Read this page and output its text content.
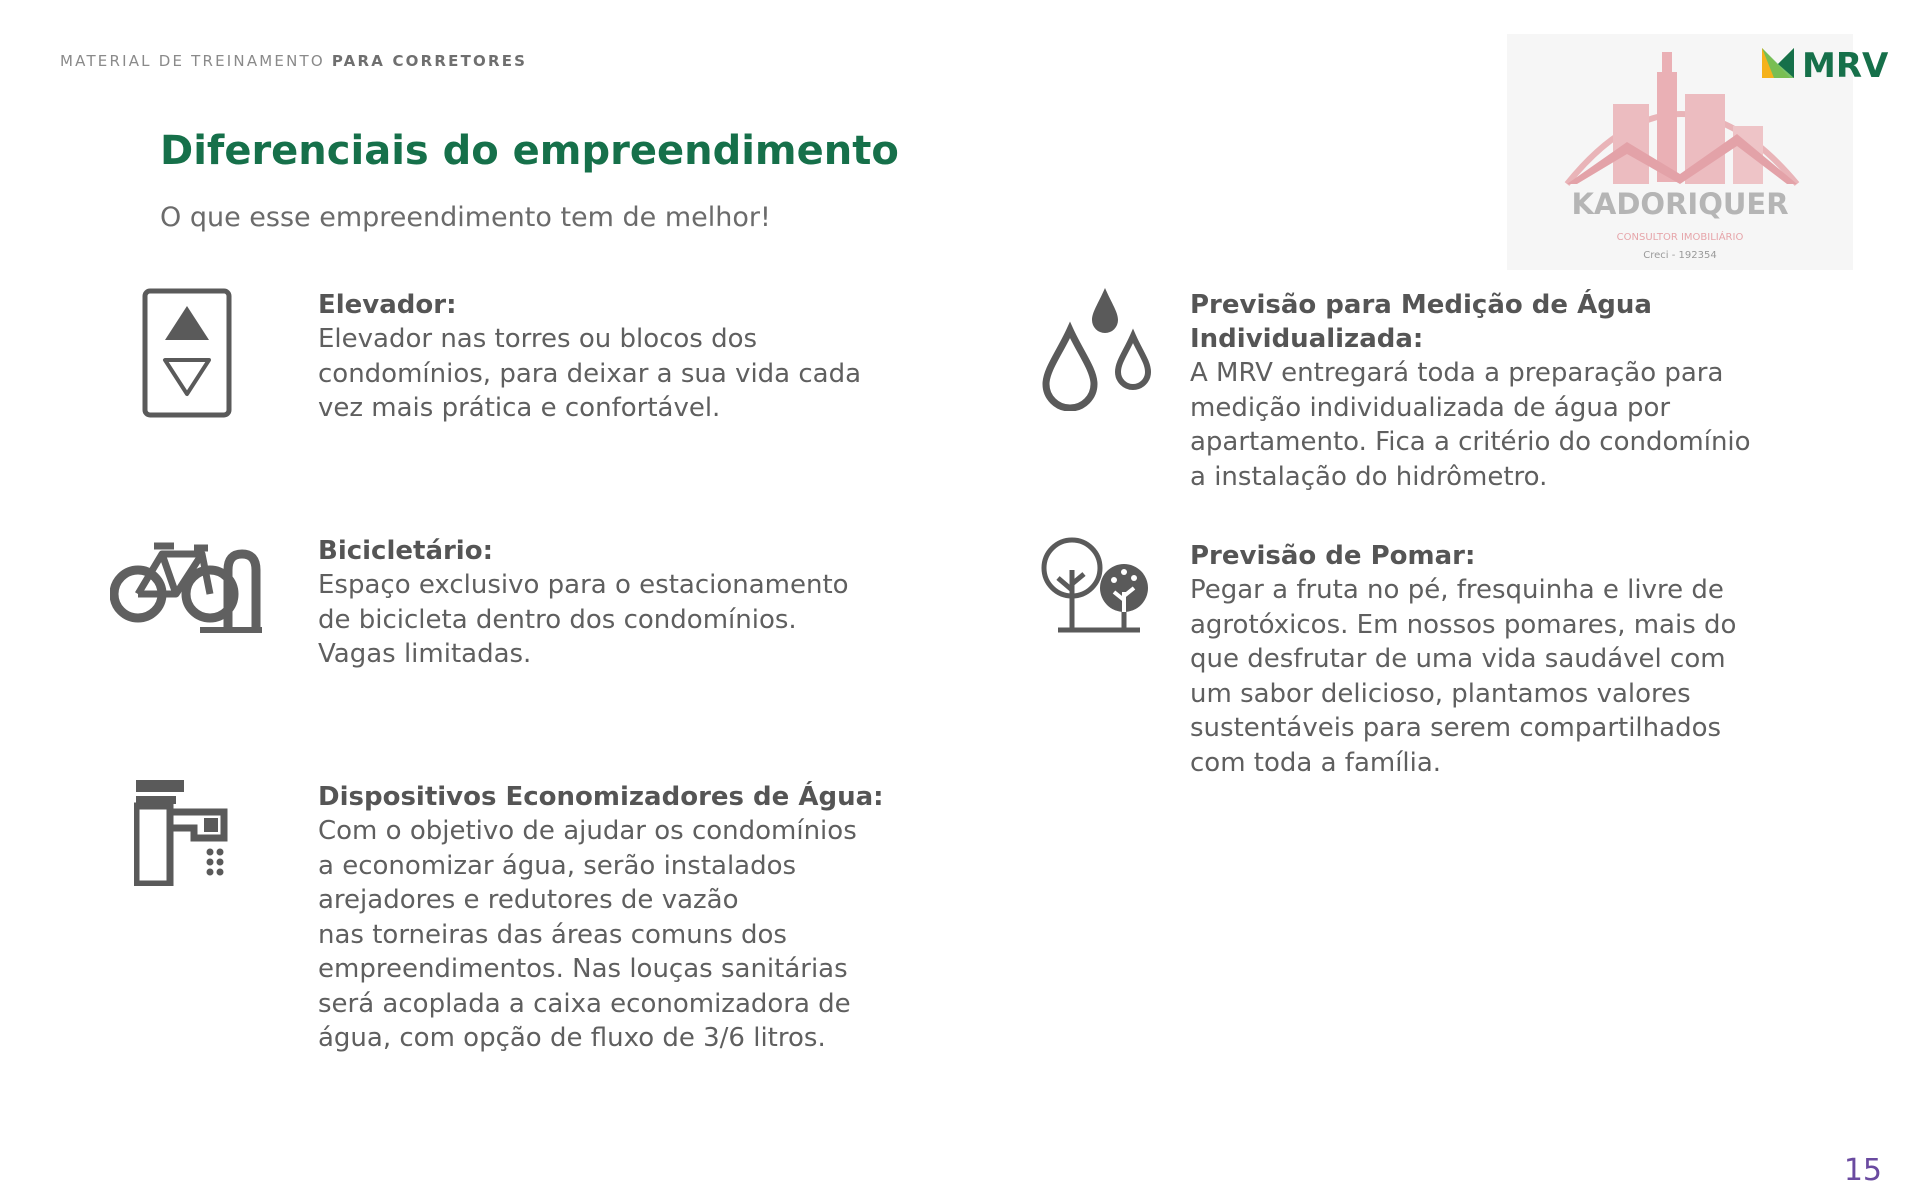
MATERIAL DE TREINAMENTO PARA CORRETORES
KADORIQUER
CONSULTOR IMOBILIÁRIO
Creci - 192354
MRV
Diferenciais do empreendimento
O que esse empreendimento tem de melhor!
Elevador:
Elevador nas torres ou blocos dos
condomínios, para deixar a sua vida cada
vez mais prática e confortável.
Bicicletário:
Espaço exclusivo para o estacionamento
de bicicleta dentro dos condomínios.
Vagas limitadas.
Dispositivos Economizadores de Água:
Com o objetivo de ajudar os condomínios
a economizar água, serão instalados
arejadores e redutores de vazão
nas torneiras das áreas comuns dos
empreendimentos. Nas louças sanitárias
será acoplada a caixa economizadora de
água, com opção de fluxo de 3/6 litros.
Previsão para Medição de Água
Individualizada:
A MRV entregará toda a preparação para
medição individualizada de água por
apartamento. Fica a critério do condomínio
a instalação do hidrômetro.
Previsão de Pomar:
Pegar a fruta no pé, fresquinha e livre de
agrotóxicos. Em nossos pomares, mais do
que desfrutar de uma vida saudável com
um sabor delicioso, plantamos valores
sustentáveis para serem compartilhados
com toda a família.
15
